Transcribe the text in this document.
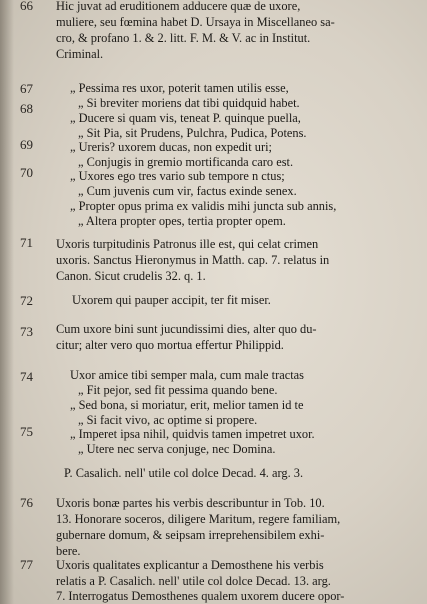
66
67
68
69
70
71
72
73
74
75
76
77
Hic juvat ad eruditionem adducere quæ de uxore,
muliere, seu fœmina habet D. Ursaya in Miscellaneo sa-
cro, & profano 1. & 2. litt. F. M. & V. ac in Institut.
Criminal.
„ Pessima res uxor, poterit tamen utilis esse,
„ Si breviter moriens dat tibi quidquid habet.
„ Ducere si quam vis, teneat P. quinque puella,
„ Sit Pia, sit Prudens, Pulchra, Pudica, Potens.
„ Ureris? uxorem ducas, non expedit uri;
„ Conjugis in gremio mortificanda caro est.
„ Uxores ego tres vario sub tempore n ctus;
„ Cum juvenis cum vir, factus exinde senex.
„ Propter opus prima ex validis mihi juncta sub annis,
„ Altera propter opes, tertia propter opem.
Uxoris turpitudinis Patronus ille est, qui celat crimen
uxoris. Sanctus Hieronymus in Matth. cap. 7. relatus in
Canon. Sicut crudelis 32. q. 1.
Uxorem qui pauper accipit, ter fit miser.
Cum uxore bini sunt jucundissimi dies, alter quo du-
citur; alter vero quo mortua effertur Philippid.
Uxor amice tibi semper mala, cum male tractas
„ Fit pejor, sed fit pessima quando bene.
„ Sed bona, si moriatur, erit, melior tamen id te
„ Si facit vivo, ac optime si propere.
„ Imperet ipsa nihil, quidvis tamen impetret uxor.
„ Utere nec serva conjuge, nec Domina.
P. Casalich. nell' utile col dolce Decad. 4. arg. 3.
Uxoris bonæ partes his verbis describuntur in Tob. 10.
13. Honorare soceros, diligere Maritum, regere familiam,
gubernare domum, & seipsam irreprehensibilem exhi-
bere.
Uxoris qualitates explicantur a Demosthene his verbis
relatis a P. Casalich. nell' utile col dolce Decad. 13. arg.
7. Interrogatus Demosthenes qualem uxorem ducere opor-
